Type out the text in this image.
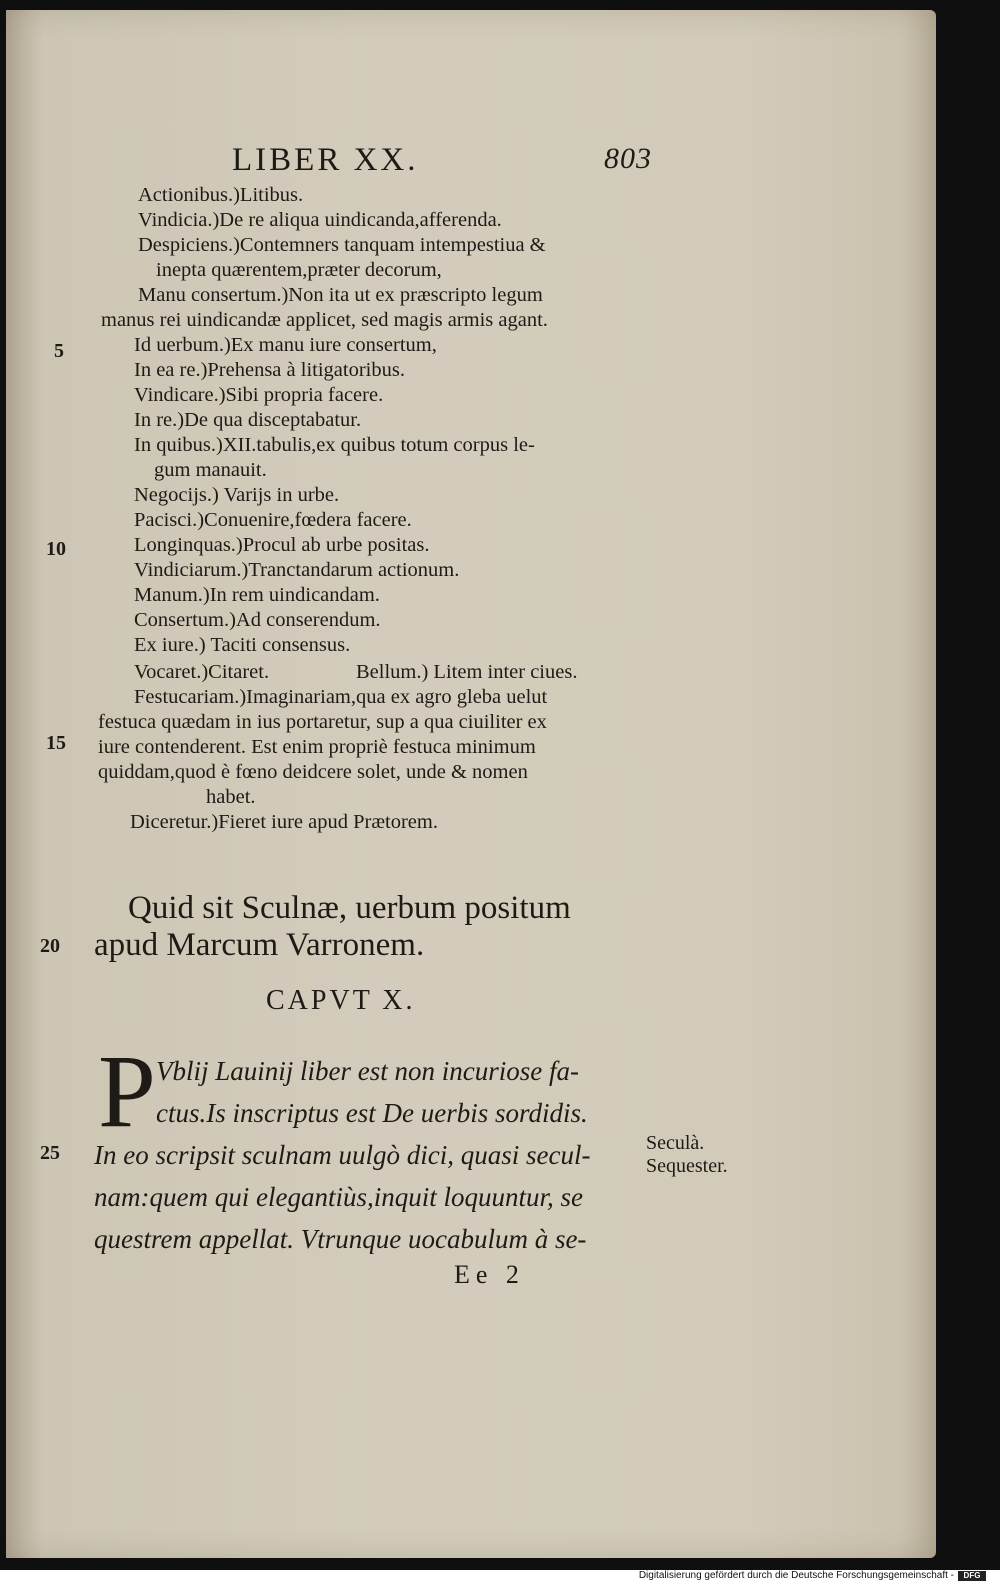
LIBER XX.	803
Actionibus.)Litibus.
Vindicia.)De re aliqua uindicanda,afferenda.
Despiciens.)Contemners tanquam intempestiua &
inepta quærentem,præter decorum,
Manu consertum.)Non ita ut ex præscripto legum
manus rei uindicandæ applicet, sed magis armis agant.
Id uerbum.)Ex manu iure consertum,
In ea re.)Prehensa à litigatoribus.
Vindicare.)Sibi propria facere.
In re.)De qua disceptabatur.
In quibus.)XII.tabulis,ex quibus totum corpus le-
gum manauit.
Negocijs.) Varijs in urbe.
Pacisci.)Conuenire,fœdera facere.
Longinquas.)Procul ab urbe positas.
Vindiciarum.)Tranctandarum actionum.
Manum.)In rem uindicandam.
Consertum.)Ad conserendum.
Ex iure.) Taciti consensus.
Vocaret.)Citaret.	Bellum.) Litem inter ciues.
Festucariam.)Imaginariam,qua ex agro gleba uelut
festuca quædam in ius portaretur, sup a qua ciuiliter ex
iure contenderent. Est enim propriè festuca minimum
quiddam,quod è fœno deidcere solet, unde & nomen
habet.
Diceretur.)Fieret iure apud Prætorem.
5
10
15
20
25
Quid sit Sculnæ, uerbum positum
apud Marcum Varronem.
CAPVT X.
P Vblij Lauinij liber est non incuriose fa-
ctus.Is inscriptus est De uerbis sordidis.
In eo scripsit sculnam uulgò dici, quasi secul-
nam:quem qui elegantiùs,inquit loquuntur, se
questrem appellat. Vtrunque uocabulum à se-
Seculà.
Sequester.
Ee 2
Digitalisierung gefördert durch die Deutsche Forschungsgemeinschaft -	DFG
